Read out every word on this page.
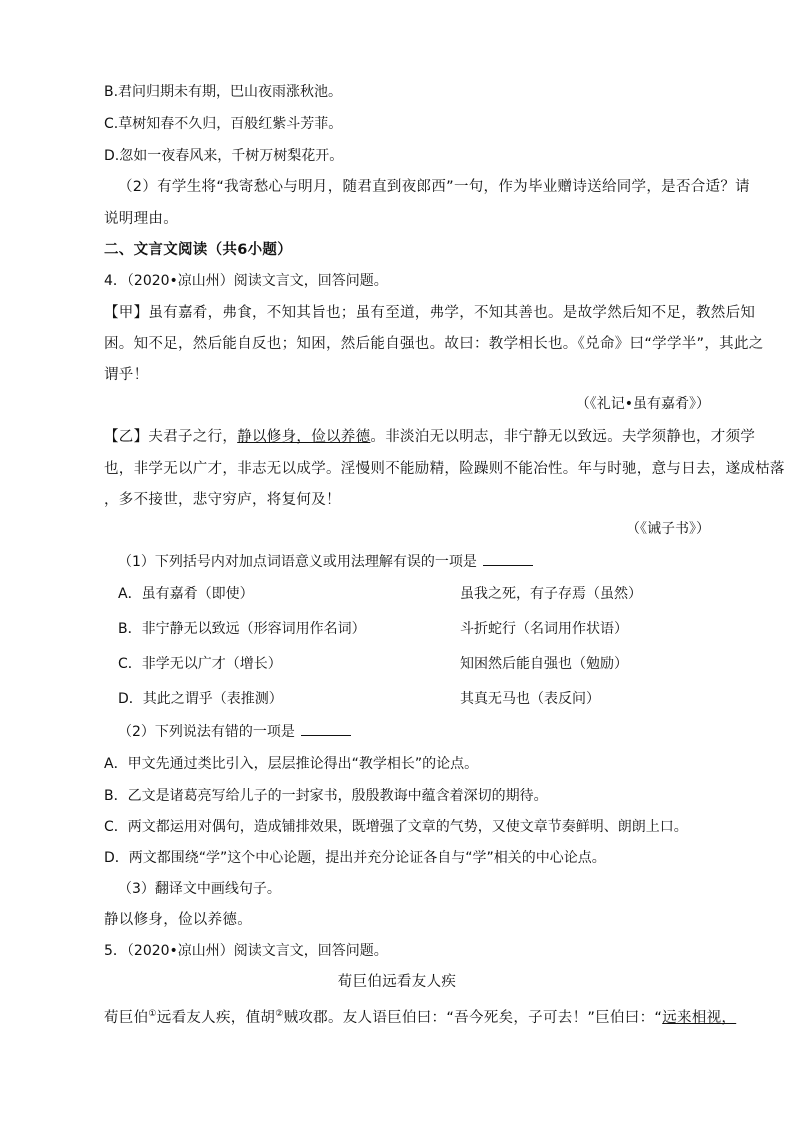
B.君问归期未有期，巴山夜雨涨秋池。
C.草树知春不久归，百般红紫斗芳菲。
D.忽如一夜春风来，千树万树梨花开。
（2）有学生将“我寄愁心与明月，随君直到夜郎西”一句，作为毕业赠诗送给同学，是否合适？请
说明理由。
二、文言文阅读（共6小题）
4．（2020•凉山州）阅读文言文，回答问题。
【甲】虽有嘉肴，弗食，不知其旨也；虽有至道，弗学，不知其善也。是故学然后知不足，教然后知
困。知不足，然后能自反也；知困，然后能自强也。故曰：教学相长也。《兑命》曰“学学半”，其此之
谓乎！
（《礼记•虽有嘉肴》）
【乙】夫君子之行，静以修身，俭以养德。非淡泊无以明志，非宁静无以致远。夫学须静也，才须学
也，非学无以广才，非志无以成学。淫慢则不能励精，险躁则不能冶性。年与时驰，意与日去，遂成枯落
，多不接世，悲守穷庐，将复何及！
（《诫子书》）
（1）下列括号内对加点词语意义或用法理解有误的一项是
A．虽有嘉肴（即使）	虽我之死，有子存焉（虽然）
B．非宁静无以致远（形容词用作名词）	斗折蛇行（名词用作状语）
C．非学无以广才（增长）	知困然后能自强也（勉励）
D．其此之谓乎（表推测）	其真无马也（表反问）
（2）下列说法有错的一项是
A．甲文先通过类比引入，层层推论得出“教学相长”的论点。
B．乙文是诸葛亮写给儿子的一封家书，殷殷教诲中蕴含着深切的期待。
C．两文都运用对偶句，造成铺排效果，既增强了文章的气势，又使文章节奏鲜明、朗朗上口。
D．两文都围绕“学”这个中心论题，提出并充分论证各自与“学”相关的中心论点。
（3）翻译文中画线句子。
静以修身，俭以养德。
5．（2020•凉山州）阅读文言文，回答问题。
荀巨伯远看友人疾
荀巨伯①远看友人疾，值胡②贼攻郡。友人语巨伯曰：“吾今死矣，子可去！”巨伯曰：“远来相视，
